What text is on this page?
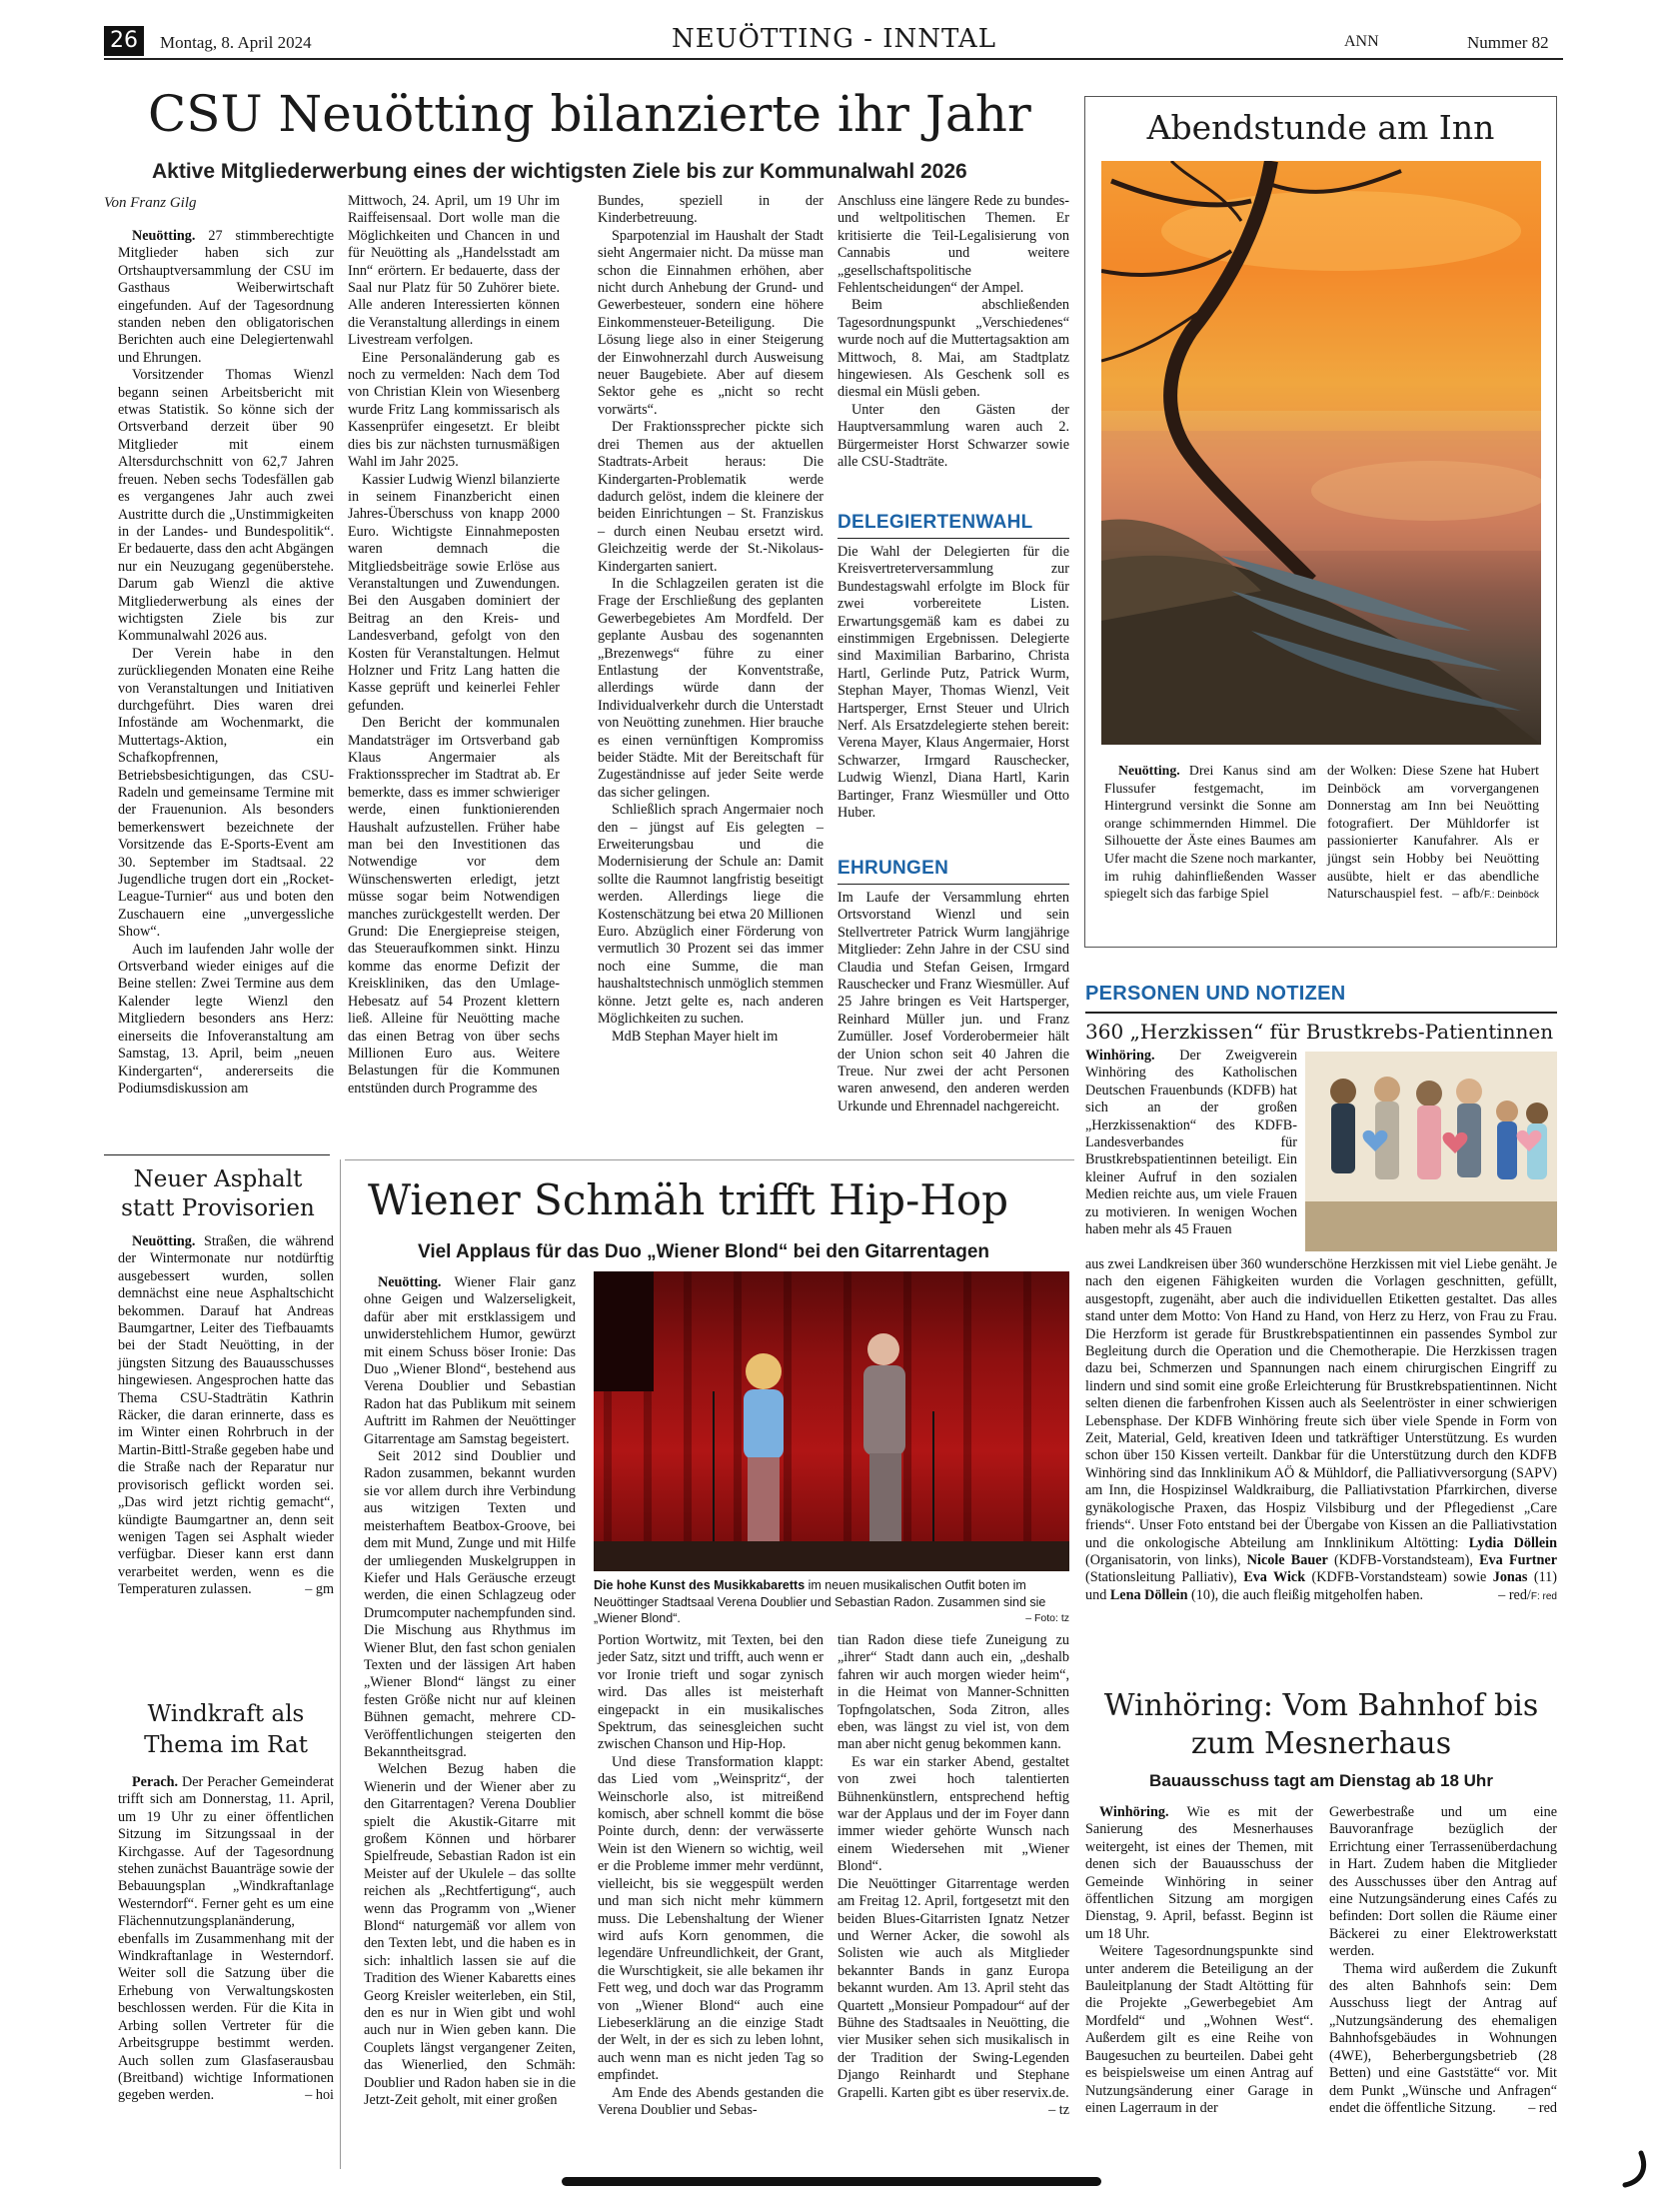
26	Montag, 8. April 2024	NEUÖTTING - INNTAL	ANN	Nummer 82
CSU Neuötting bilanzierte ihr Jahr
Aktive Mitgliederwerbung eines der wichtigsten Ziele bis zur Kommunalwahl 2026
Von Franz Gilg

Neuötting. 27 stimmberechtigte Mitglieder haben sich zur Ortshauptversammlung der CSU im Gasthaus Weiberwirtschaft eingefunden. Auf der Tagesordnung standen neben den obligatorischen Berichten auch eine Delegiertenwahl und Ehrungen.

Vorsitzender Thomas Wienzl begann seinen Arbeitsbericht mit etwas Statistik. So könne sich der Ortsverband derzeit über 90 Mitglieder mit einem Altersdurchschnitt von 62,7 Jahren freuen. Neben sechs Todesfällen gab es vergangenes Jahr auch zwei Austritte durch die „Unstimmigkeiten in der Landes- und Bundespolitik“. Er bedauerte, dass den acht Abgängen nur ein Neuzugang gegenüberstehe. Darum gab Wienzl die aktive Mitgliederwerbung als eines der wichtigsten Ziele bis zur Kommunalwahl 2026 aus.

Der Verein habe in den zurückliegenden Monaten eine Reihe von Veranstaltungen und Initiativen durchgeführt. Dies waren drei Infostände am Wochenmarkt, die Muttertags-Aktion, ein Schafkopfrennen, Betriebsbesichtigungen, das CSU-Radeln und gemeinsame Termine mit der Frauenunion. Als besonders bemerkenswert bezeichnete der Vorsitzende das E-Sports-Event am 30. September im Stadtsaal. 22 Jugendliche trugen dort ein „Rocket-League-Turnier“ aus und boten den Zuschauern eine „unvergessliche Show“.

Auch im laufenden Jahr wolle der Ortsverband wieder einiges auf die Beine stellen: Zwei Termine aus dem Kalender legte Wienzl den Mitgliedern besonders ans Herz: einerseits die Infoveranstaltung am Samstag, 13. April, beim „neuen Kindergarten“, andererseits die Podiumsdiskussion am

Mittwoch, 24. April, um 19 Uhr im Raiffeisensaal. Dort wolle man die Möglichkeiten und Chancen in und für Neuötting als „Handelsstadt am Inn“ erörtern. Er bedauerte, dass der Saal nur Platz für 50 Zuhörer biete. Alle anderen Interessierten können die Veranstaltung allerdings in einem Livestream verfolgen.

Eine Personaländerung gab es noch zu vermelden: Nach dem Tod von Christian Klein von Wiesenberg wurde Fritz Lang kommissarisch als Kassenprüfer eingesetzt. Er bleibt dies bis zur nächsten turnusmäßigen Wahl im Jahr 2025.

Kassier Ludwig Wienzl bilanzierte in seinem Finanzbericht einen Jahres-Überschuss von knapp 2000 Euro. Wichtigste Einnahmeposten waren demnach die Mitgliedsbeiträge sowie Erlöse aus Veranstaltungen und Zuwendungen. Bei den Ausgaben dominiert der Beitrag an den Kreis- und Landesverband, gefolgt von den Kosten für Veranstaltungen. Helmut Holzner und Fritz Lang hatten die Kasse geprüft und keinerlei Fehler gefunden.

Den Bericht der kommunalen Mandatsträger im Ortsverband gab Klaus Angermaier als Fraktionssprecher im Stadtrat ab. Er bemerkte, dass es immer schwieriger werde, einen funktionierenden Haushalt aufzustellen. Früher habe man bei den Investitionen das Notwendige vor dem Wünschenswerten erledigt, jetzt müsse sogar beim Notwendigen manches zurückgestellt werden. Der Grund: Die Energiepreise steigen, das Steueraufkommen sinkt. Hinzu komme das enorme Defizit der Kreiskliniken, das den Umlage-Hebesatz auf 54 Prozent klettern ließ. Alleine für Neuötting mache das einen Betrag von über sechs Millionen Euro aus. Weitere Belastungen für die Kommunen entstünden durch Programme des

Bundes, speziell in der Kinderbetreuung.

Sparpotenzial im Haushalt der Stadt sieht Angermaier nicht. Da müsse man schon die Einnahmen erhöhen, aber nicht durch Anhebung der Grund- und Gewerbesteuer, sondern eine höhere Einkommensteuer-Beteiligung. Die Lösung liege also in einer Steigerung der Einwohnerzahl durch Ausweisung neuer Baugebiete. Aber auf diesem Sektor gehe es „nicht so recht vorwärts“.

Der Fraktionssprecher pickte sich drei Themen aus der aktuellen Stadtrats-Arbeit heraus: Die Kindergarten-Problematik werde dadurch gelöst, indem die kleinere der beiden Einrichtungen – St. Franziskus – durch einen Neubau ersetzt wird. Gleichzeitig werde der St.-Nikolaus-Kindergarten saniert.

In die Schlagzeilen geraten ist die Frage der Erschließung des geplanten Gewerbegebietes Am Mordfeld. Der geplante Ausbau des sogenannten „Brezenwegs“ führe zu einer Entlastung der Konventstraße, allerdings würde dann der Individualverkehr durch die Unterstadt von Neuötting zunehmen. Hier brauche es einen vernünftigen Kompromiss beider Städte. Mit der Bereitschaft für Zugeständnisse auf jeder Seite werde das sicher gelingen.

Schließlich sprach Angermaier noch den – jüngst auf Eis gelegten – Erweiterungsbau und die Modernisierung der Schule an: Damit sollte die Raumnot langfristig beseitigt werden. Allerdings liege die Kostenschätzung bei etwa 20 Millionen Euro. Abzüglich einer Förderung von vermutlich 30 Prozent sei das immer noch eine Summe, die man haushaltstechnisch unmöglich stemmen könne. Jetzt gelte es, nach anderen Möglichkeiten zu suchen.

MdB Stephan Mayer hielt im

Anschluss eine längere Rede zu bundes- und weltpolitischen Themen. Er kritisierte die Teil-Legalisierung von Cannabis und weitere „gesellschaftspolitische Fehlentscheidungen“ der Ampel.

Beim abschließenden Tagesordnungspunkt „Verschiedenes“ wurde noch auf die Muttertagsaktion am Mittwoch, 8. Mai, am Stadtplatz hingewiesen. Als Geschenk soll es diesmal ein Müsli geben.

Unter den Gästen der Hauptversammlung waren auch 2. Bürgermeister Horst Schwarzer sowie alle CSU-Stadträte.

DELEGIERTENWAHL

Die Wahl der Delegierten für die Kreisvertreterversammlung zur Bundestagswahl erfolgte im Block für zwei vorbereitete Listen. Erwartungsgemäß kam es dabei zu einstimmigen Ergebnissen. Delegierte sind Maximilian Barbarino, Christa Hartl, Gerlinde Putz, Patrick Wurm, Stephan Mayer, Thomas Wienzl, Veit Hartsperger, Ernst Steuer und Ulrich Nerf. Als Ersatzdelegierte stehen bereit: Verena Mayer, Klaus Angermaier, Horst Schwarzer, Irmgard Rauschecker, Ludwig Wienzl, Diana Hartl, Karin Bartinger, Franz Wiesmüller und Otto Huber.

EHRUNGEN

Im Laufe der Versammlung ehrten Ortsvorstand Wienzl und sein Stellvertreter Patrick Wurm langjährige Mitglieder: Zehn Jahre in der CSU sind Claudia und Stefan Geisen, Irmgard Rauschecker und Franz Wiesmüller. Auf 25 Jahre bringen es Veit Hartsperger, Reinhard Müller jun. und Franz Zumüller. Josef Vorderobermeier hält der Union schon seit 40 Jahren die Treue. Nur zwei der acht Personen waren anwesend, den anderen werden Urkunde und Ehrennadel nachgereicht.

Abendstunde am Inn

Neuötting. Drei Kanus sind am Flussufer festgemacht, im Hintergrund versinkt die Sonne am orange schimmernden Himmel. Die Silhouette der Äste eines Baumes am Ufer macht die Szene noch markanter, im ruhig dahinfließenden Wasser spiegelt sich das farbige Spiel

der Wolken: Diese Szene hat Hubert Deinböck am vorvergangenen Donnerstag am Inn bei Neuötting fotografiert. Der Mühldorfer ist passionierter Kanufahrer. Als er jüngst sein Hobby bei Neuötting ausübte, hielt er das abendliche Naturschauspiel fest. – afb/F.: Deinböck

PERSONEN UND NOTIZEN
360 „Herzkissen“ für Brustkrebs-Patientinnen

Winhöring. Der Zweigverein Winhöring des Katholischen Deutschen Frauenbunds (KDFB) hat sich an der großen „Herzkissenaktion“ des KDFB-Landesverbandes für Brustkrebspatientinnen beteiligt. Ein kleiner Aufruf in den sozialen Medien reichte aus, um viele Frauen zu motivieren. In wenigen Wochen haben mehr als 45 Frauen

aus zwei Landkreisen über 360 wunderschöne Herzkissen mit viel Liebe genäht. Je nach den eigenen Fähigkeiten wurden die Vorlagen geschnitten, gefüllt, ausgestopft, zugenäht, aber auch die individuellen Etiketten gestaltet. Das alles stand unter dem Motto: Von Hand zu Hand, von Herz zu Herz, von Frau zu Frau. Die Herzform ist gerade für Brustkrebspatientinnen ein passendes Symbol zur Begleitung durch die Operation und die Chemotherapie. Die Herzkissen tragen dazu bei, Schmerzen und Spannungen nach einem chirurgischen Eingriff zu lindern und sind somit eine große Erleichterung für Brustkrebspatientinnen. Nicht selten dienen die farbenfrohen Kissen auch als Seelentröster in einer schwierigen Lebensphase. Der KDFB Winhöring freute sich über viele Spende in Form von Zeit, Material, Geld, kreativen Ideen und tatkräftiger Unterstützung. Es wurden schon über 150 Kissen verteilt. Dankbar für die Unterstützung durch den KDFB Winhöring sind das Innklinikum AÖ & Mühldorf, die Palliativversorgung (SAPV) am Inn, die Hospizinsel Waldkraiburg, die Palliativstation Pfarrkirchen, diverse gynäkologische Praxen, das Hospiz Vilsbiburg und der Pflegedienst „Care friends“. Unser Foto entstand bei der Übergabe von Kissen an die Palliativstation und die onkologische Abteilung am Innklinikum Altötting: Lydia Döllein (Organisatorin, von links), Nicole Bauer (KDFB-Vorstandsteam), Eva Furtner (Stationsleitung Palliativ), Eva Wick (KDFB-Vorstandsteam) sowie Jonas (11) und Lena Döllein (10), die auch fleißig mitgeholfen haben.	– red/F: red

Winhöring: Vom Bahnhof bis zum Mesnerhaus
Bauausschuss tagt am Dienstag ab 18 Uhr

Winhöring. Wie es mit der Sanierung des Mesnerhauses weitergeht, ist eines der Themen, mit denen sich der Bauausschuss der Gemeinde Winhöring in seiner öffentlichen Sitzung am morgigen Dienstag, 9. April, befasst. Beginn ist um 18 Uhr.

Weitere Tagesordnungspunkte sind unter anderem die Beteiligung an der Bauleitplanung der Stadt Altötting für die Projekte „Gewerbegebiet Am Mordfeld“ und „Wohnen West“. Außerdem gilt es eine Reihe von Baugesuchen zu beurteilen. Dabei geht es beispielsweise um einen Antrag auf Nutzungsänderung einer Garage in einen Lagerraum in der

Gewerbestraße und um eine Bauvoranfrage bezüglich der Errichtung einer Terrassenüberdachung in Hart. Zudem haben die Mitglieder des Ausschusses über den Antrag auf eine Nutzungsänderung eines Cafés zu befinden: Dort sollen die Räume einer Bäckerei zu einer Elektrowerkstatt werden.

Thema wird außerdem die Zukunft des alten Bahnhofs sein: Dem Ausschuss liegt der Antrag auf „Nutzungsänderung des ehemaligen Bahnhofsgebäudes in Wohnungen (4WE), Beherbergungsbetrieb (28 Betten) und eine Gaststätte“ vor. Mit dem Punkt „Wünsche und Anfragen“ endet die öffentliche Sitzung.	– red

Neuer Asphalt statt Provisorien

Neuötting. Straßen, die während der Wintermonate nur notdürftig ausgebessert wurden, sollen demnächst eine neue Asphaltschicht bekommen. Darauf hat Andreas Baumgartner, Leiter des Tiefbauamts bei der Stadt Neuötting, in der jüngsten Sitzung des Bauausschusses hingewiesen. Angesprochen hatte das Thema CSU-Stadträtin Kathrin Räcker, die daran erinnerte, dass es im Winter einen Rohrbruch in der Martin-Bittl-Straße gegeben habe und die Straße nach der Reparatur nur provisorisch geflickt worden sei. „Das wird jetzt richtig gemacht“, kündigte Baumgartner an, denn seit wenigen Tagen sei Asphalt wieder verfügbar. Dieser kann erst dann verarbeitet werden, wenn es die Temperaturen zulassen.	– gm

Windkraft als Thema im Rat

Perach. Der Peracher Gemeinderat trifft sich am Donnerstag, 11. April, um 19 Uhr zu einer öffentlichen Sitzung im Sitzungssaal in der Kirchgasse. Auf der Tagesordnung stehen zunächst Bauanträge sowie der Bebauungsplan „Windkraftanlage Westerndorf“. Ferner geht es um eine Flächennutzungsplanänderung, ebenfalls im Zusammenhang mit der Windkraftanlage in Westerndorf. Weiter soll die Satzung über die Erhebung von Verwaltungskosten beschlossen werden. Für die Kita in Arbing sollen Vertreter für die Arbeitsgruppe bestimmt werden. Auch sollen zum Glasfaserausbau (Breitband) wichtige Informationen gegeben werden.	– hoi

Wiener Schmäh trifft Hip-Hop
Viel Applaus für das Duo „Wiener Blond“ bei den Gitarrentagen

Neuötting. Wiener Flair ganz ohne Geigen und Walzerseligkeit, dafür aber mit erstklassigem und unwiderstehlichem Humor, gewürzt mit einem Schuss böser Ironie: Das Duo „Wiener Blond“, bestehend aus Verena Doublier und Sebastian Radon hat das Publikum mit seinem Auftritt im Rahmen der Neuöttinger Gitarrentage am Samstag begeistert.

Seit 2012 sind Doublier und Radon zusammen, bekannt wurden sie vor allem durch ihre Verbindung aus witzigen Texten und meisterhaftem Beatbox-Groove, bei dem mit Mund, Zunge und mit Hilfe der umliegenden Muskelgruppen in Kiefer und Hals Geräusche erzeugt werden, die einen Schlagzeug oder Drumcomputer nachempfunden sind. Die Mischung aus Rhythmus im Wiener Blut, den fast schon genialen Texten und der lässigen Art haben „Wiener Blond“ längst zu einer festen Größe nicht nur auf kleinen Bühnen gemacht, mehrere CD-Veröffentlichungen steigerten den Bekanntheitsgrad.

Welchen Bezug haben die Wienerin und der Wiener aber zu den Gitarrentagen? Verena Doublier spielt die Akustik-Gitarre mit großem Können und hörbarer Spielfreude, Sebastian Radon ist ein Meister auf der Ukulele – das sollte reichen als „Rechtfertigung“, auch wenn das Programm von „Wiener Blond“ naturgemäß vor allem von den Texten lebt, und die haben es in sich: inhaltlich lassen sie auf die Tradition des Wiener Kabaretts eines Georg Kreisler weiterleben, ein Stil, den es nur in Wien gibt und wohl auch nur in Wien geben kann. Die Couplets längst vergangener Zeiten, das Wienerlied, den Schmäh: Doublier und Radon haben sie in die Jetzt-Zeit geholt, mit einer großen

Die hohe Kunst des Musikkabaretts im neuen musikalischen Outfit boten im Neuöttinger Stadtsaal Verena Doublier und Sebastian Radon. Zusammen sind sie „Wiener Blond“.	– Foto: tz

Portion Wortwitz, mit Texten, bei den jeder Satz, sitzt und trifft, auch wenn er vor Ironie trieft und sogar zynisch wird. Das alles ist meisterhaft eingepackt in ein musikalisches Spektrum, das seinesgleichen sucht zwischen Chanson und Hip-Hop.

Und diese Transformation klappt: das Lied vom „Weinspritz“, der Weinschorle also, ist mitreißend komisch, aber schnell kommt die böse Pointe durch, denn: der verwässerte Wein ist den Wienern so wichtig, weil er die Probleme immer mehr verdünnt, vielleicht, bis sie weggespült werden und man sich nicht mehr kümmern muss. Die Lebenshaltung der Wiener wird aufs Korn genommen, die legendäre Unfreundlichkeit, der Grant, die Wurschtigkeit, sie alle bekamen ihr Fett weg, und doch war das Programm von „Wiener Blond“ auch eine Liebeserklärung an die einzige Stadt der Welt, in der es sich zu leben lohnt, auch wenn man es nicht jeden Tag so empfindet.

Am Ende des Abends gestanden die Verena Doublier und Sebas-

tian Radon diese tiefe Zuneigung zu „ihrer“ Stadt dann auch ein, „deshalb fahren wir auch morgen wieder heim“, in die Heimat von Manner-Schnitten Topfngolatschen, Soda Zitron, alles eben, was längst zu viel ist, von dem man aber nicht genug bekommen kann.

Es war ein starker Abend, gestaltet von zwei hoch talentierten Bühnenkünstlern, entsprechend heftig war der Applaus und der im Foyer dann immer wieder gehörte Wunsch nach einem Wiedersehen mit „Wiener Blond“.

Die Neuöttinger Gitarrentage werden am Freitag 12. April, fortgesetzt mit den beiden Blues-Gitarristen Ignatz Netzer und Werner Acker, die sowohl als Solisten wie auch als Mitglieder bekannter Bands in ganz Europa bekannt wurden. Am 13. April steht das Quartett „Monsieur Pompadour“ auf der Bühne des Stadtsaales in Neuötting, die vier Musiker sehen sich musikalisch in der Tradition der Swing-Legenden Django Reinhardt und Stephane Grapelli. Karten gibt es über reservix.de.
– tz
